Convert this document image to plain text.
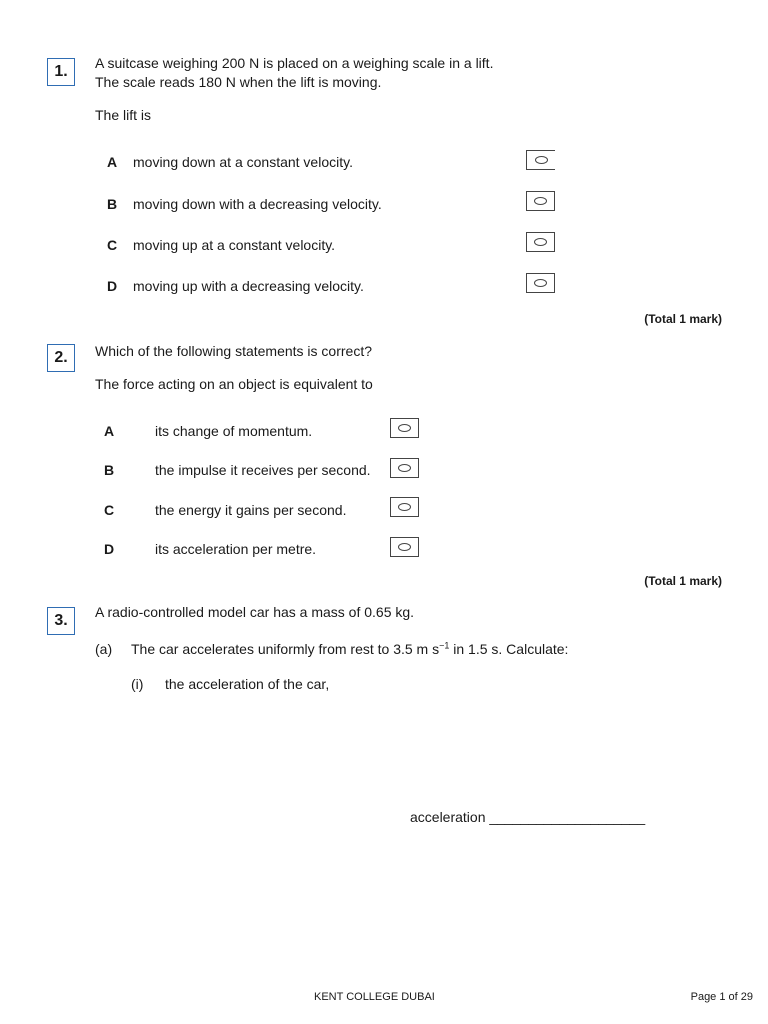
1.	A suitcase weighing 200 N is placed on a weighing scale in a lift.
The scale reads 180 N when the lift is moving.
The lift is
A moving down at a constant velocity.
B moving down with a decreasing velocity.
C moving up at a constant velocity.
D moving up with a decreasing velocity.
(Total 1 mark)
2.	Which of the following statements is correct?
The force acting on an object is equivalent to
A	its change of momentum.
B	the impulse it receives per second.
C	the energy it gains per second.
D	its acceleration per metre.
(Total 1 mark)
3.	A radio-controlled model car has a mass of 0.65 kg.
(a) The car accelerates uniformly from rest to 3.5 m $s^{-1}$ in 1.5 s. Calculate:
(i) the acceleration of the car,
acceleration ____________________
KENT COLLEGE DUBAI	Page 1 of 29
